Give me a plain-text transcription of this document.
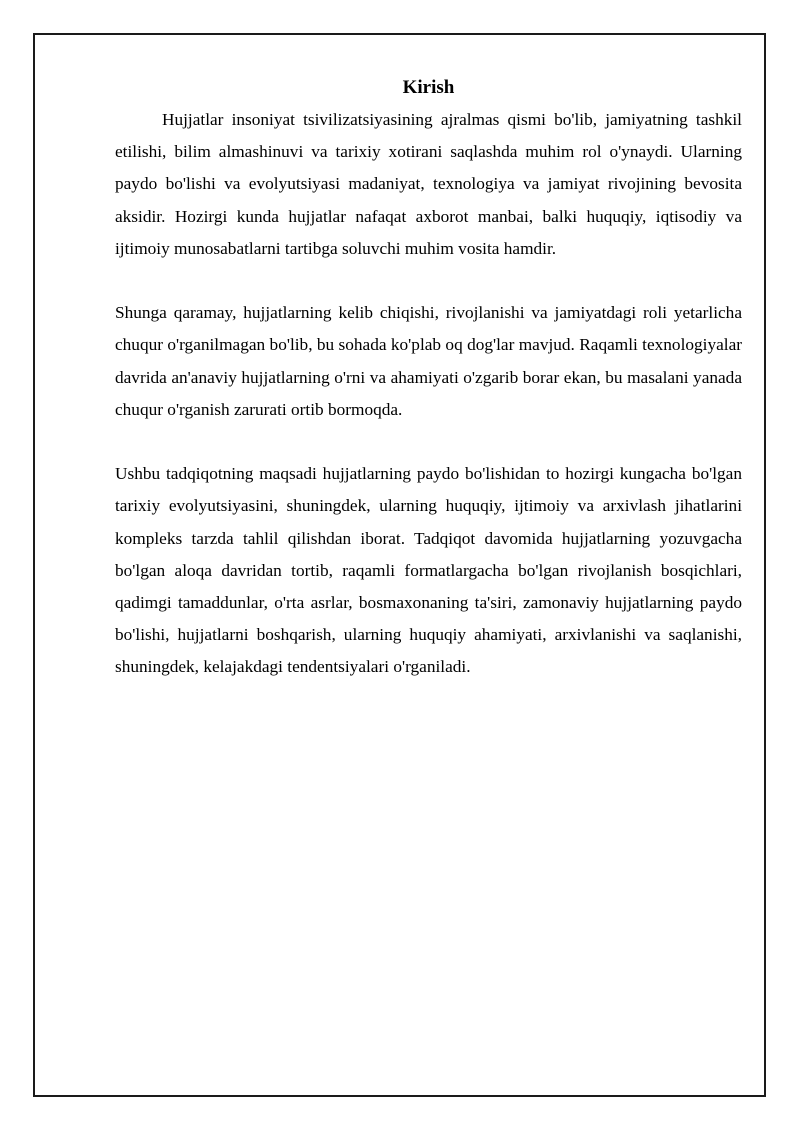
Kirish

Hujjatlar insoniyat tsivilizatsiyasining ajralmas qismi bo'lib, jamiyatning tashkil etilishi, bilim almashinuvi va tarixiy xotirani saqlashda muhim rol o'ynaydi. Ularning paydo bo'lishi va evolyutsiyasi madaniyat, texnologiya va jamiyat rivojining bevosita aksidir. Hozirgi kunda hujjatlar nafaqat axborot manbai, balki huquqiy, iqtisodiy va ijtimoiy munosabatlarni tartibga soluvchi muhim vosita hamdir.

Shunga qaramay, hujjatlarning kelib chiqishi, rivojlanishi va jamiyatdagi roli yetarlicha chuqur o'rganilmagan bo'lib, bu sohada ko'plab oq dog'lar mavjud. Raqamli texnologiyalar davrida an'anaviy hujjatlarning o'rni va ahamiyati o'zgarib borar ekan, bu masalani yanada chuqur o'rganish zarurati ortib bormoqda.

Ushbu tadqiqotning maqsadi hujjatlarning paydo bo'lishidan to hozirgi kungacha bo'lgan tarixiy evolyutsiyasini, shuningdek, ularning huquqiy, ijtimoiy va arxivlash jihatlarini kompleks tarzda tahlil qilishdan iborat. Tadqiqot davomida hujjatlarning yozuvgacha bo'lgan aloqa davridan tortib, raqamli formatlargacha bo'lgan rivojlanish bosqichlari, qadimgi tamaddunlar, o'rta asrlar, bosmaxonaning ta'siri, zamonaviy hujjatlarning paydo bo'lishi, hujjatlarni boshqarish, ularning huquqiy ahamiyati, arxivlanishi va saqlanishi, shuningdek, kelajakdagi tendentsiyalari o'rganiladi.
